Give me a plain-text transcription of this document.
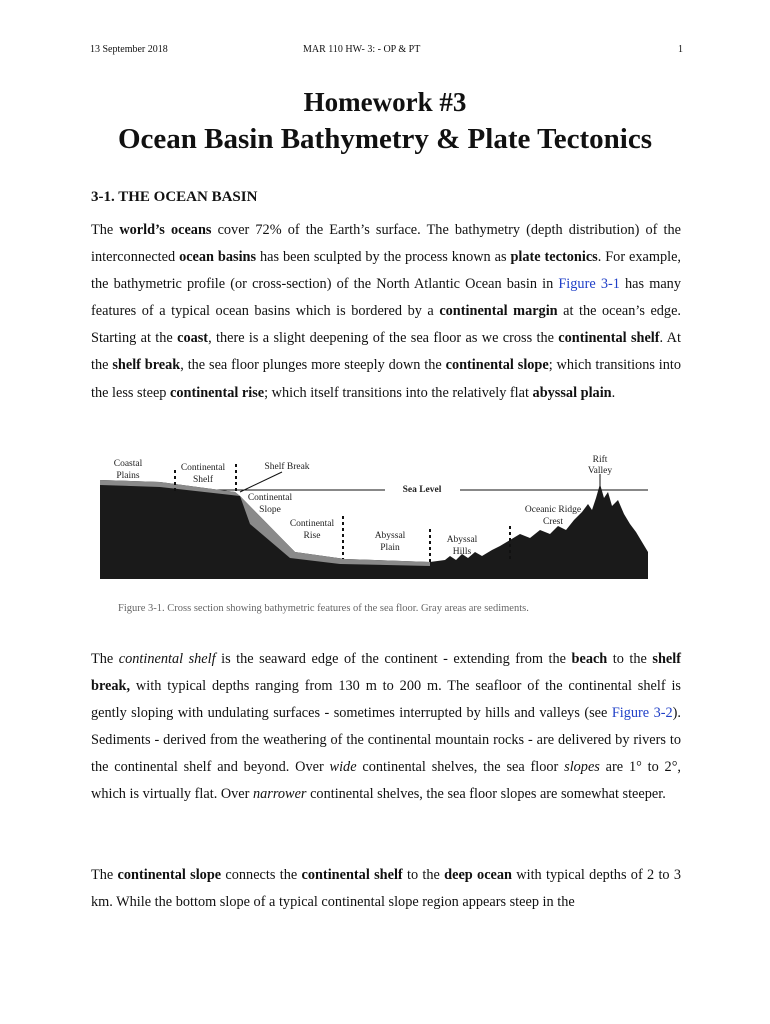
13 September 2018	MAR 110 HW- 3: - OP & PT	1
Homework #3
Ocean Basin Bathymetry & Plate Tectonics
3-1. THE OCEAN BASIN

The world’s oceans cover 72% of the Earth’s surface. The bathymetry (depth distribution) of the interconnected ocean basins has been sculpted by the process known as plate tectonics. For example, the bathymetric profile (or cross-section) of the North Atlantic Ocean basin in Figure 3-1 has many features of a typical ocean basins which is bordered by a continental margin at the ocean’s edge. Starting at the coast, there is a slight deepening of the sea floor as we cross the continental shelf. At the shelf break, the sea floor plunges more steeply down the continental slope; which transitions into the less steep continental rise; which itself transitions into the relatively flat abyssal plain.

Coastal
Plains
Continental
Shelf
Shelf Break
Sea Level
Continental
Slope
Continental
Rise	Abyssal
Plain
Abyssal
Hills
Oceanic Ridge
Crest
Rift
Valley
Figure 3-1. Cross section showing bathymetric features of the sea floor. Gray areas are sediments.

The continental shelf is the seaward edge of the continent - extending from the beach to the shelf break, with typical depths ranging from 130 m to 200 m. The seafloor of the continental shelf is gently sloping with undulating surfaces - sometimes interrupted by hills and valleys (see Figure 3-2). Sediments - derived from the weathering of the continental mountain rocks - are delivered by rivers to the continental shelf and beyond. Over wide continental shelves, the sea floor slopes are 1° to 2°, which is virtually flat. Over narrower continental shelves, the sea floor slopes are somewhat steeper.

The continental slope connects the continental shelf to the deep ocean with typical depths of 2 to 3 km. While the bottom slope of a typical continental slope region appears steep in the
